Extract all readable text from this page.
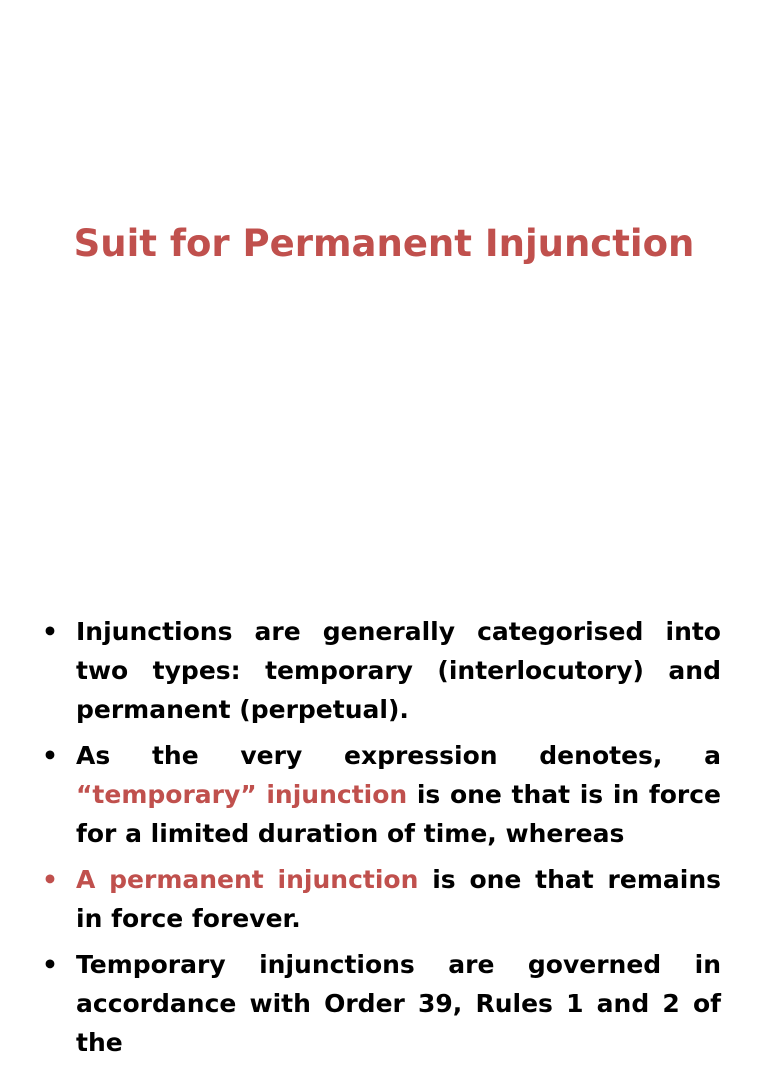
Suit for Permanent Injunction
• Injunctions are generally categorised into two types: temporary (interlocutory) and permanent (perpetual).
• As the very expression denotes, a “temporary” injunction is one that is in force for a limited duration of time, whereas
• A permanent injunction is one that remains in force forever.
• Temporary injunctions are governed in accordance with Order 39, Rules 1 and 2 of the
